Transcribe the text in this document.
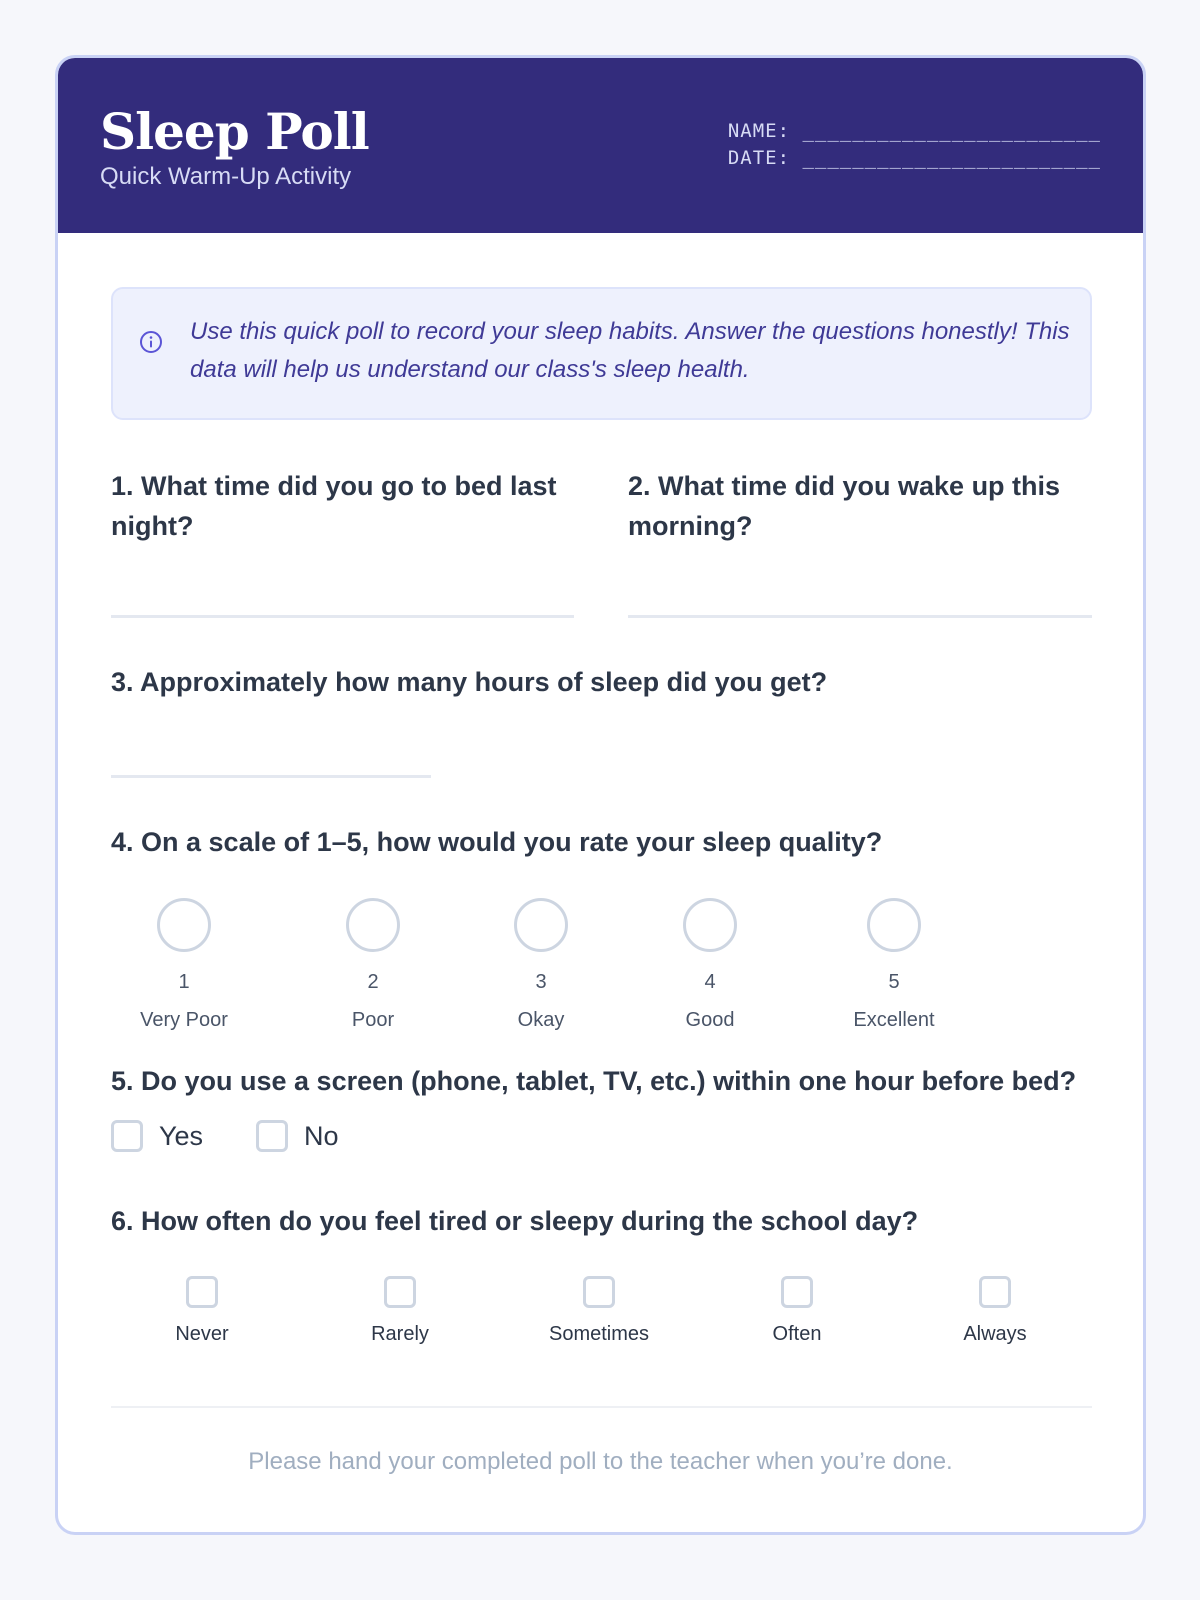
Sleep Poll
Quick Warm-Up Activity
NAME: ________________________
DATE: ________________________
Use this quick poll to record your sleep habits. Answer the questions honestly! This data will help us understand our class's sleep health.
1. What time did you go to bed last night?
2. What time did you wake up this morning?
3. Approximately how many hours of sleep did you get?
4. On a scale of 1–5, how would you rate your sleep quality?
1
Very Poor
2
Poor
3
Okay
4
Good
5
Excellent
5. Do you use a screen (phone, tablet, TV, etc.) within one hour before bed?
Yes	No
6. How often do you feel tired or sleepy during the school day?
Never	Rarely	Sometimes	Often	Always
Please hand your completed poll to the teacher when you’re done.
